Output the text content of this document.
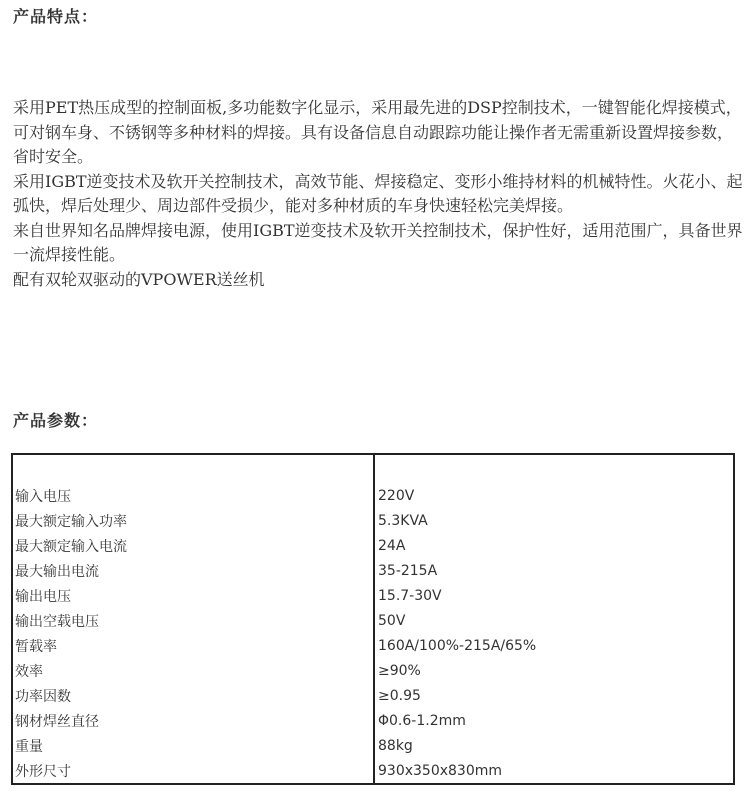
产品特点：

采用PET热压成型的控制面板,多功能数字化显示，采用最先进的DSP控制技术，一键智能化焊接模式，可对钢车身、不锈钢等多种材料的焊接。具有设备信息自动跟踪功能让操作者无需重新设置焊接参数，省时安全。

采用IGBT逆变技术及软开关控制技术，高效节能、焊接稳定、变形小维持材料的机械特性。火花小、起弧快，焊后处理少、周边部件受损少，能对多种材质的车身快速轻松完美焊接。

来自世界知名品牌焊接电源，使用IGBT逆变技术及软开关控制技术，保护性好，适用范围广，具备世界一流焊接性能。

配有双轮双驱动的VPOWER送丝机

产品参数：

输入电压	220V
最大额定输入功率	5.3KVA
最大额定输入电流	24A
最大输出电流	35-215A
输出电压	15.7-30V
输出空载电压	50V
暂载率	160A/100%-215A/65%
效率	≥90%
功率因数	≥0.95
钢材焊丝直径	Φ0.6-1.2mm
重量	88kg
外形尺寸	930x350x830mm
